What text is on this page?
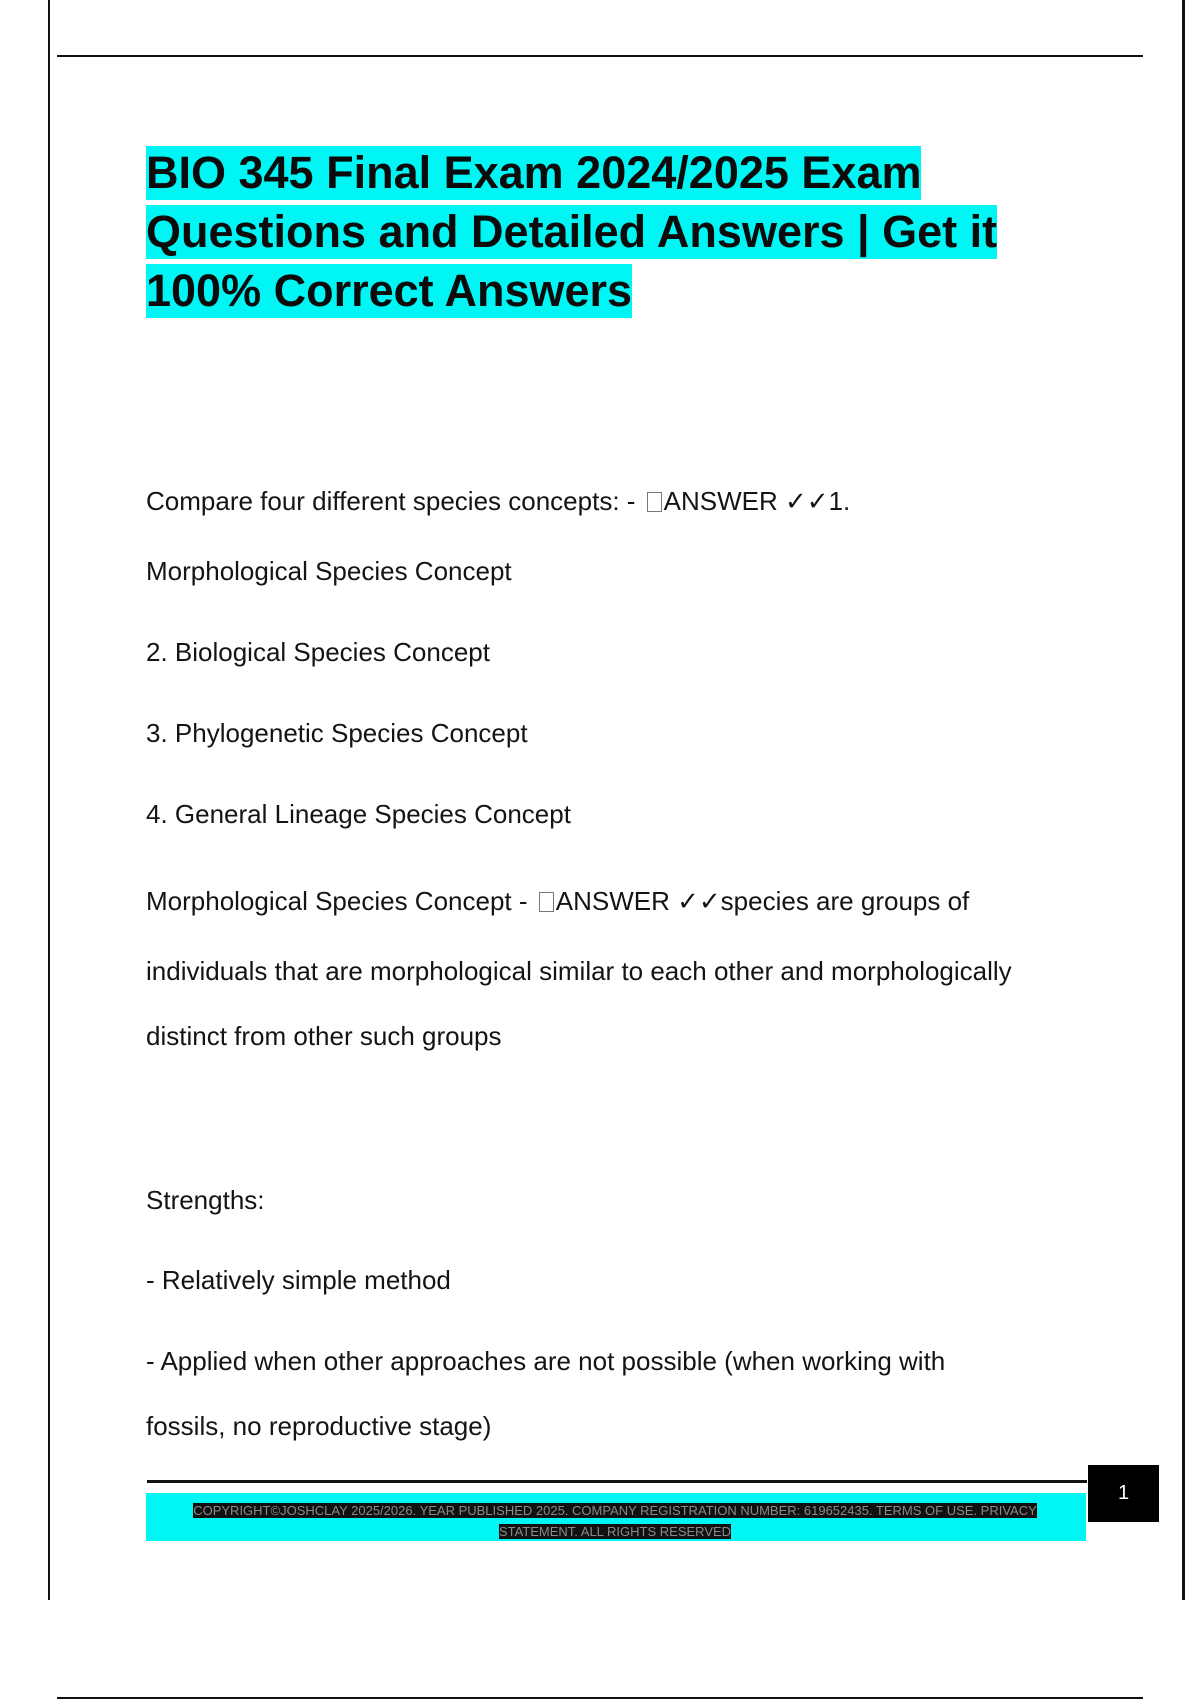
BIO 345 Final Exam 2024/2025 Exam
Questions and Detailed Answers | Get it
100% Correct Answers
Compare four different species concepts: - ANSWER ✓✓1.
Morphological Species Concept
2. Biological Species Concept
3. Phylogenetic Species Concept
4. General Lineage Species Concept
Morphological Species Concept - ANSWER ✓✓species are groups of
individuals that are morphological similar to each other and morphologically
distinct from other such groups
Strengths:
- Relatively simple method
- Applied when other approaches are not possible (when working with
fossils, no reproductive stage)
COPYRIGHT©JOSHCLAY 2025/2026. YEAR PUBLISHED 2025. COMPANY REGISTRATION NUMBER: 619652435. TERMS OF USE. PRIVACY STATEMENT. ALL RIGHTS RESERVED
1
